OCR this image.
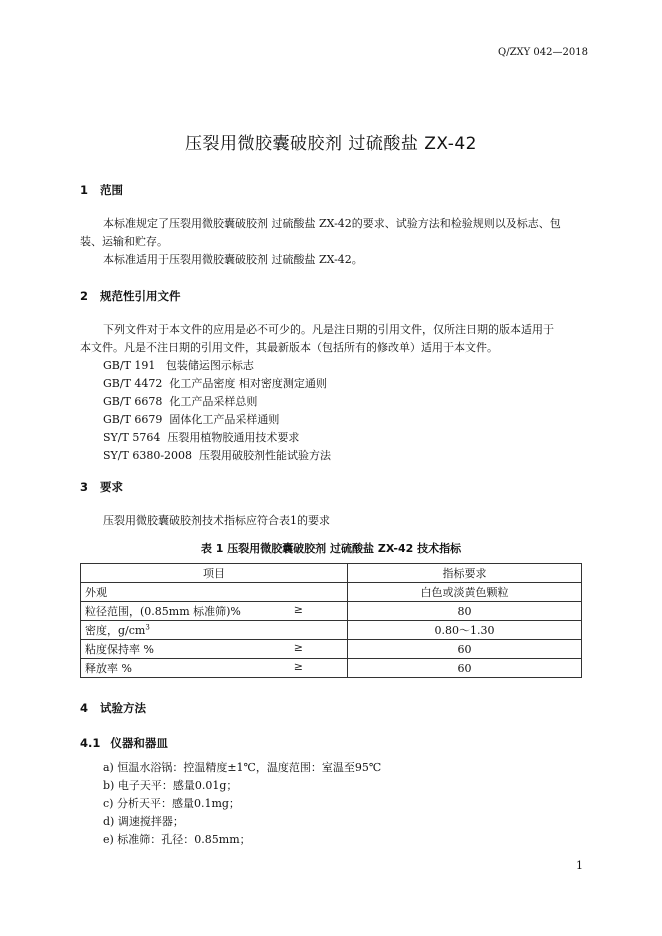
Q/ZXY 042—2018
压裂用微胶囊破胶剂 过硫酸盐 ZX-42
1 范围
本标准规定了压裂用微胶囊破胶剂 过硫酸盐 ZX-42的要求、试验方法和检验规则以及标志、包
装、运输和贮存。
本标准适用于压裂用微胶囊破胶剂 过硫酸盐 ZX-42。
2 规范性引用文件
下列文件对于本文件的应用是必不可少的。凡是注日期的引用文件，仅所注日期的版本适用于
本文件。凡是不注日期的引用文件，其最新版本（包括所有的修改单）适用于本文件。
GB/T 191   包装储运图示标志
GB/T 4472  化工产品密度 相对密度测定通则
GB/T 6678  化工产品采样总则
GB/T 6679  固体化工产品采样通则
SY/T 5764  压裂用植物胶通用技术要求
SY/T 6380-2008  压裂用破胶剂性能试验方法
3 要求
压裂用微胶囊破胶剂技术指标应符合表1的要求
表 1 压裂用微胶囊破胶剂 过硫酸盐 ZX-42 技术指标
项目	指标要求
外观	白色或淡黄色颗粒
粒径范围，(0.85mm 标准筛)% ≥	80
密度，$g/cm^3$	0.80～1.30
粘度保持率 % ≥	60
释放率 % ≥	60
4 试验方法
4.1 仪器和器皿
a) 恒温水浴锅：控温精度±1℃，温度范围：室温至95℃
b) 电子天平：感量0.01g；
c) 分析天平：感量0.1mg；
d) 调速搅拌器；
e) 标准筛：孔径：0.85mm；
1
